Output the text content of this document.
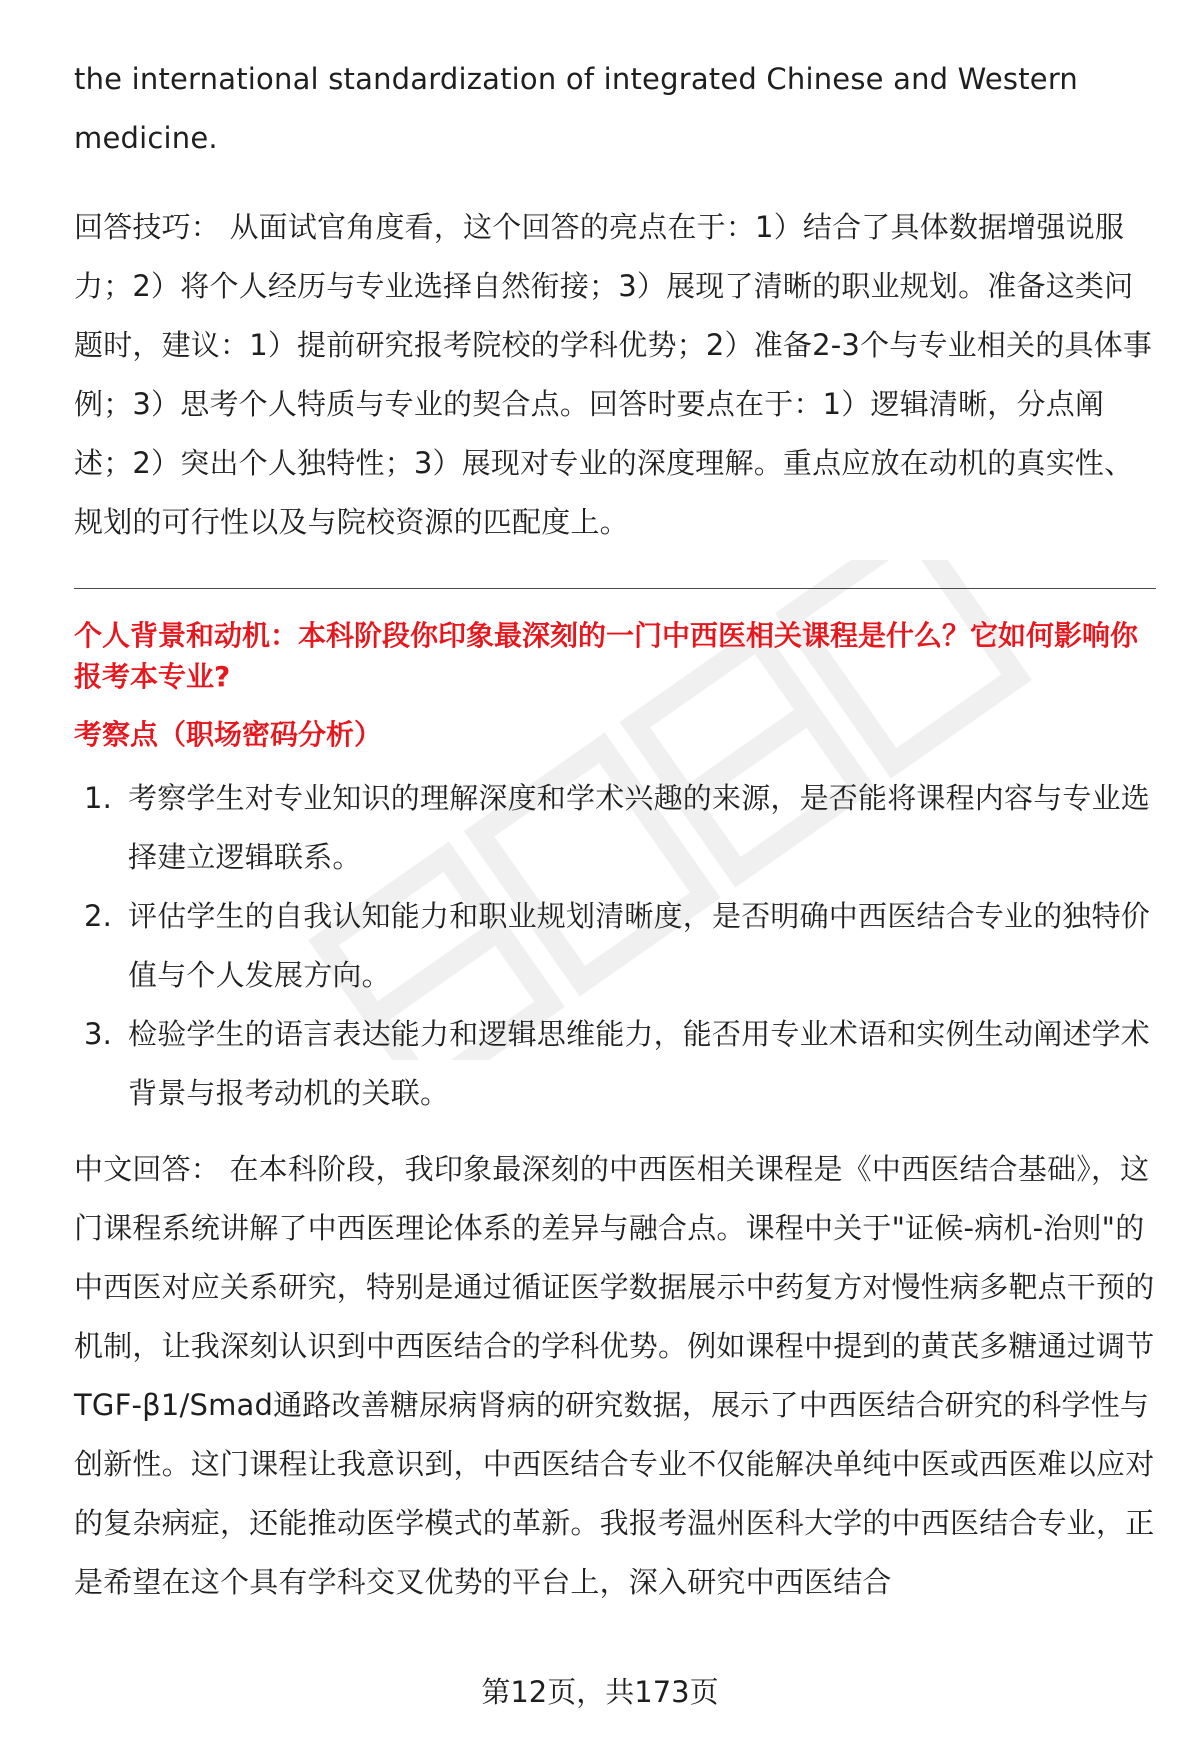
the international standardization of integrated Chinese and Western medicine.

回答技巧： 从面试官角度看，这个回答的亮点在于：1）结合了具体数据增强说服力；2）将个人经历与专业选择自然衔接；3）展现了清晰的职业规划。准备这类问题时，建议：1）提前研究报考院校的学科优势；2）准备2-3个与专业相关的具体事例；3）思考个人特质与专业的契合点。回答时要点在于：1）逻辑清晰，分点阐述；2）突出个人独特性；3）展现对专业的深度理解。重点应放在动机的真实性、规划的可行性以及与院校资源的匹配度上。

个人背景和动机：本科阶段你印象最深刻的一门中西医相关课程是什么？它如何影响你报考本专业?

考察点（职场密码分析）

1. 考察学生对专业知识的理解深度和学术兴趣的来源，是否能将课程内容与专业选择建立逻辑联系。
2. 评估学生的自我认知能力和职业规划清晰度，是否明确中西医结合专业的独特价值与个人发展方向。
3. 检验学生的语言表达能力和逻辑思维能力，能否用专业术语和实例生动阐述学术背景与报考动机的关联。

中文回答： 在本科阶段，我印象最深刻的中西医相关课程是《中西医结合基础》，这门课程系统讲解了中西医理论体系的差异与融合点。课程中关于"证候-病机-治则"的中西医对应关系研究，特别是通过循证医学数据展示中药复方对慢性病多靶点干预的机制，让我深刻认识到中西医结合的学科优势。例如课程中提到的黄芪多糖通过调节TGF-β1/Smad通路改善糖尿病肾病的研究数据，展示了中西医结合研究的科学性与创新性。这门课程让我意识到，中西医结合专业不仅能解决单纯中医或西医难以应对的复杂病症，还能推动医学模式的革新。我报考温州医科大学的中西医结合专业，正是希望在这个具有学科交叉优势的平台上，深入研究中西医结合

第12页，共173页
